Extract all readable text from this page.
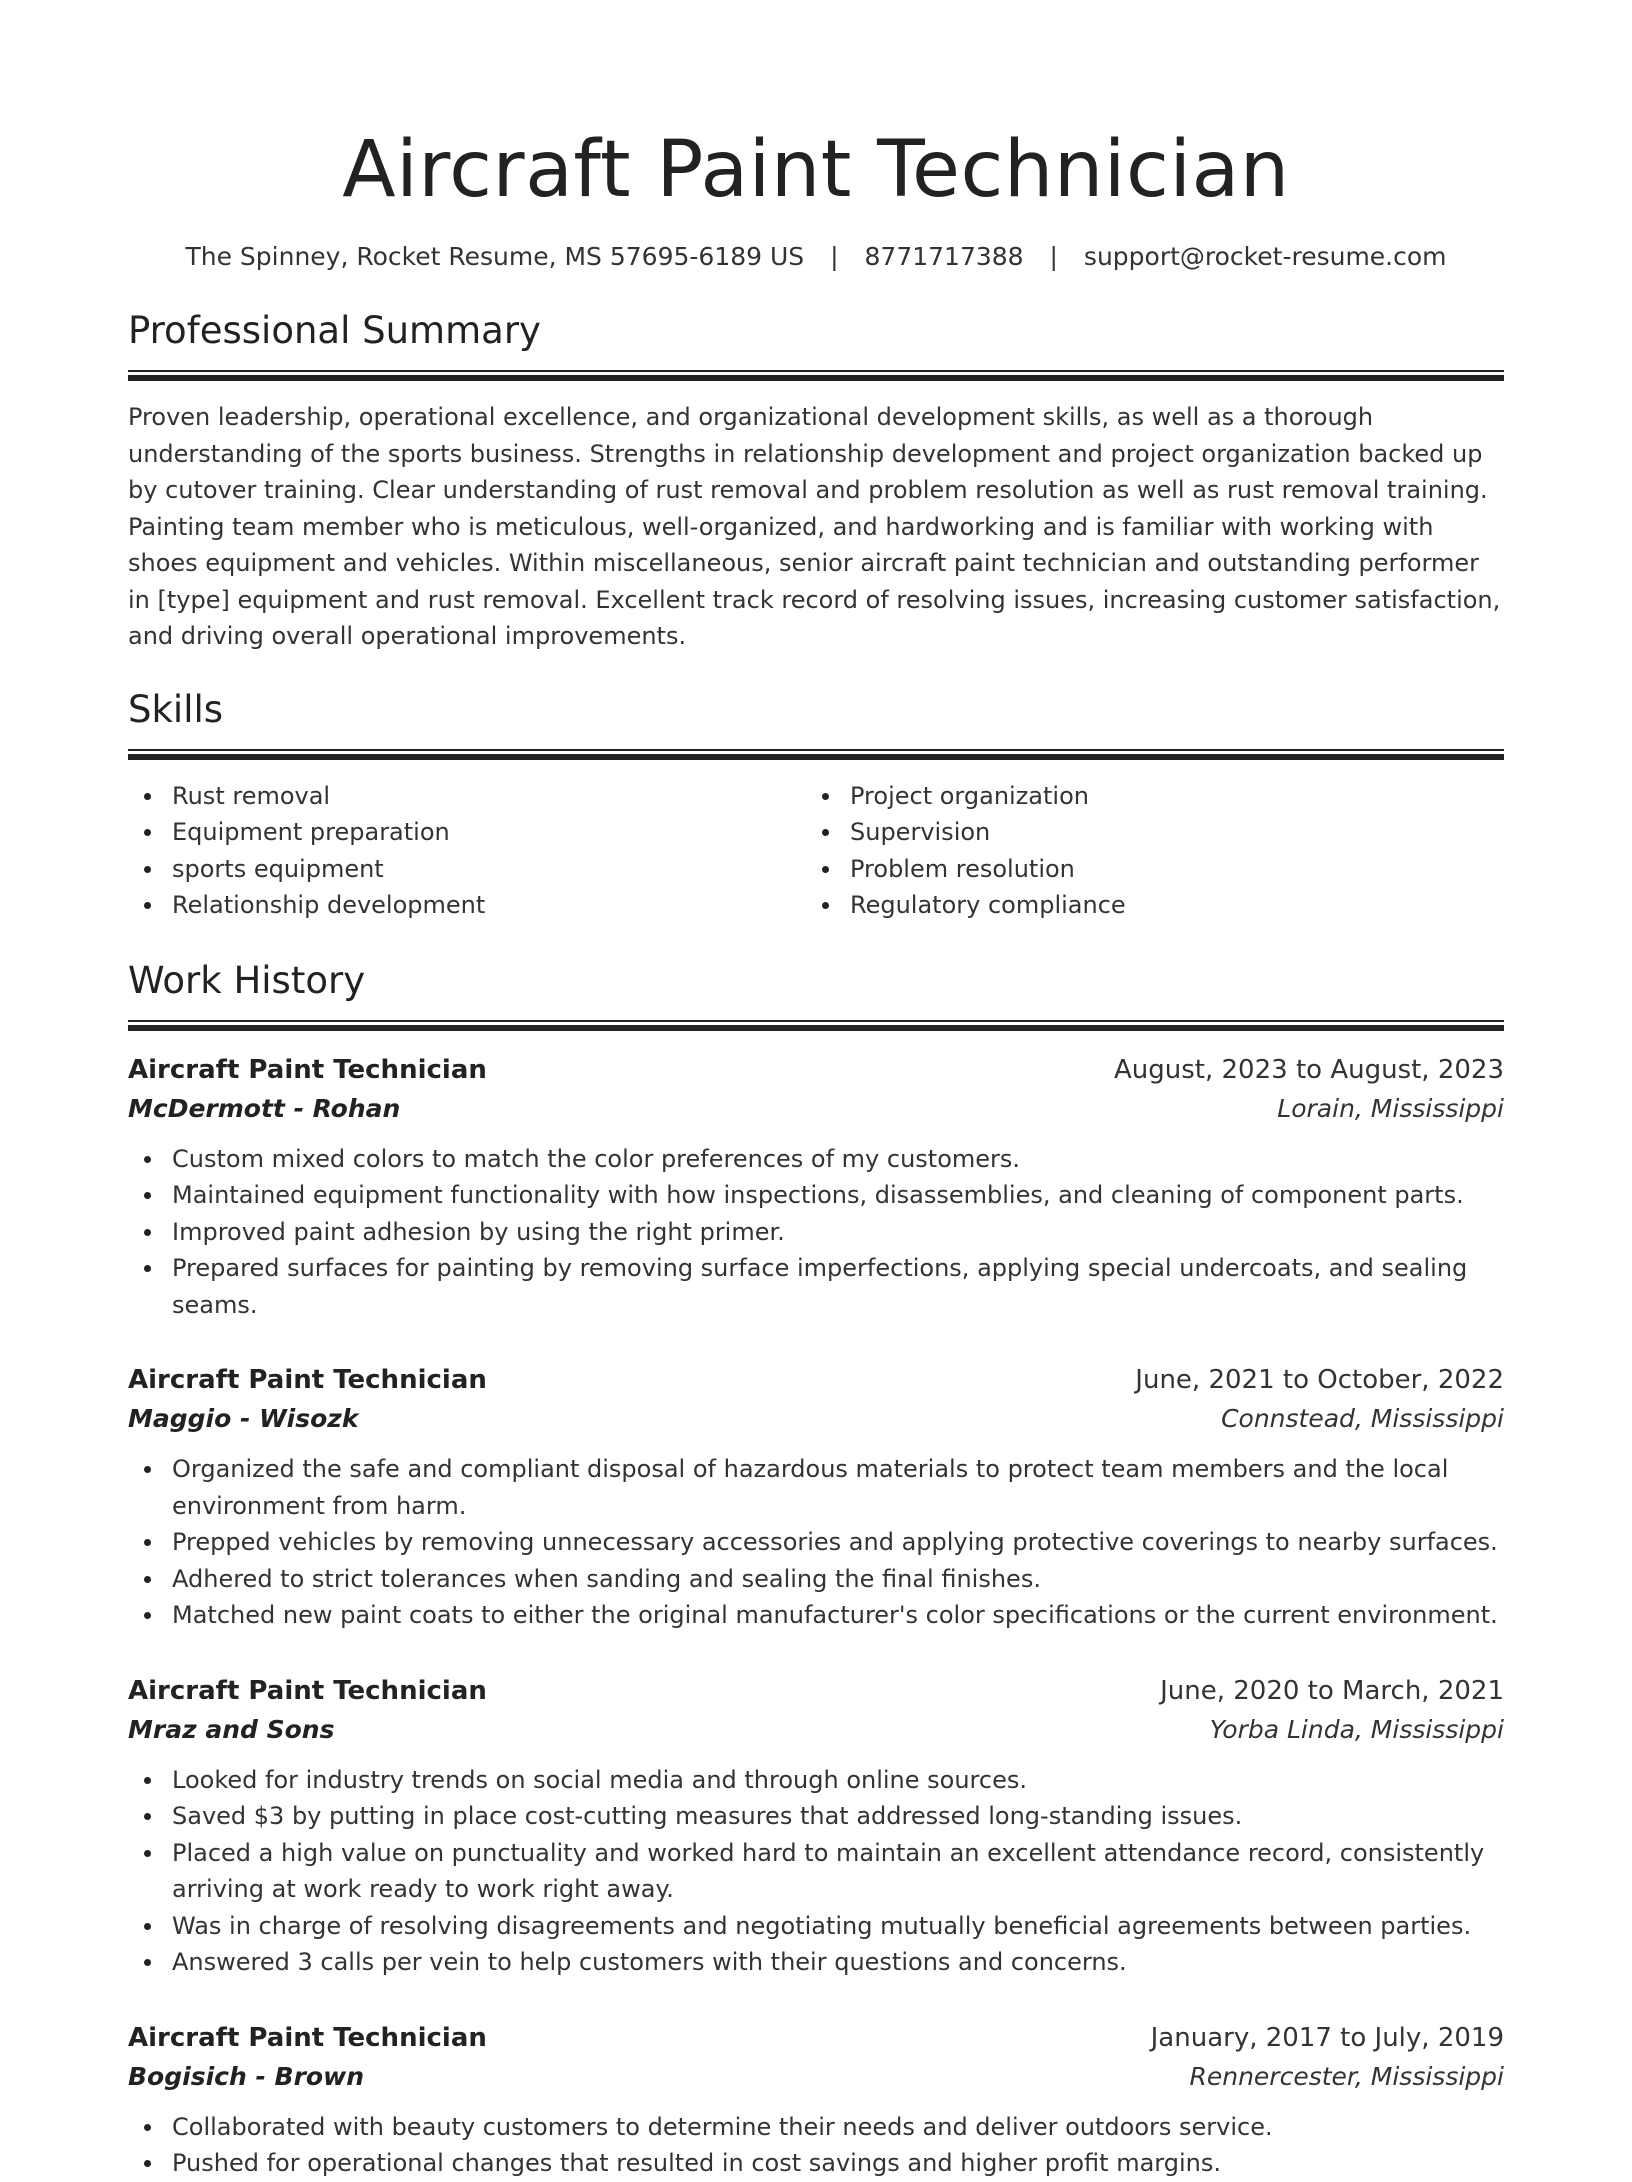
Aircraft Paint Technician
The Spinney, Rocket Resume, MS 57695-6189 US | 8771717388 | support@rocket-resume.com
Professional Summary

Proven leadership, operational excellence, and organizational development skills, as well as a thorough understanding of the sports business. Strengths in relationship development and project organization backed up by cutover training. Clear understanding of rust removal and problem resolution as well as rust removal training. Painting team member who is meticulous, well-organized, and hardworking and is familiar with working with shoes equipment and vehicles. Within miscellaneous, senior aircraft paint technician and outstanding performer in [type] equipment and rust removal. Excellent track record of resolving issues, increasing customer satisfaction, and driving overall operational improvements.

Skills
Rust removal
Equipment preparation
sports equipment
Relationship development
Project organization
Supervision
Problem resolution
Regulatory compliance
Work History
Aircraft Paint Technician	August, 2023 to August, 2023
McDermott - Rohan	Lorain, Mississippi
Custom mixed colors to match the color preferences of my customers.
Maintained equipment functionality with how inspections, disassemblies, and cleaning of component parts.
Improved paint adhesion by using the right primer.
Prepared surfaces for painting by removing surface imperfections, applying special undercoats, and sealing seams.
Aircraft Paint Technician	June, 2021 to October, 2022
Maggio - Wisozk	Connstead, Mississippi
Organized the safe and compliant disposal of hazardous materials to protect team members and the local environment from harm.
Prepped vehicles by removing unnecessary accessories and applying protective coverings to nearby surfaces.
Adhered to strict tolerances when sanding and sealing the final finishes.
Matched new paint coats to either the original manufacturer's color specifications or the current environment.
Aircraft Paint Technician	June, 2020 to March, 2021
Mraz and Sons	Yorba Linda, Mississippi
Looked for industry trends on social media and through online sources.
Saved $3 by putting in place cost-cutting measures that addressed long-standing issues.
Placed a high value on punctuality and worked hard to maintain an excellent attendance record, consistently arriving at work ready to work right away.
Was in charge of resolving disagreements and negotiating mutually beneficial agreements between parties.
Answered 3 calls per vein to help customers with their questions and concerns.
Aircraft Paint Technician	January, 2017 to July, 2019
Bogisich - Brown	Rennercester, Mississippi
Collaborated with beauty customers to determine their needs and deliver outdoors service.
Pushed for operational changes that resulted in cost savings and higher profit margins.
